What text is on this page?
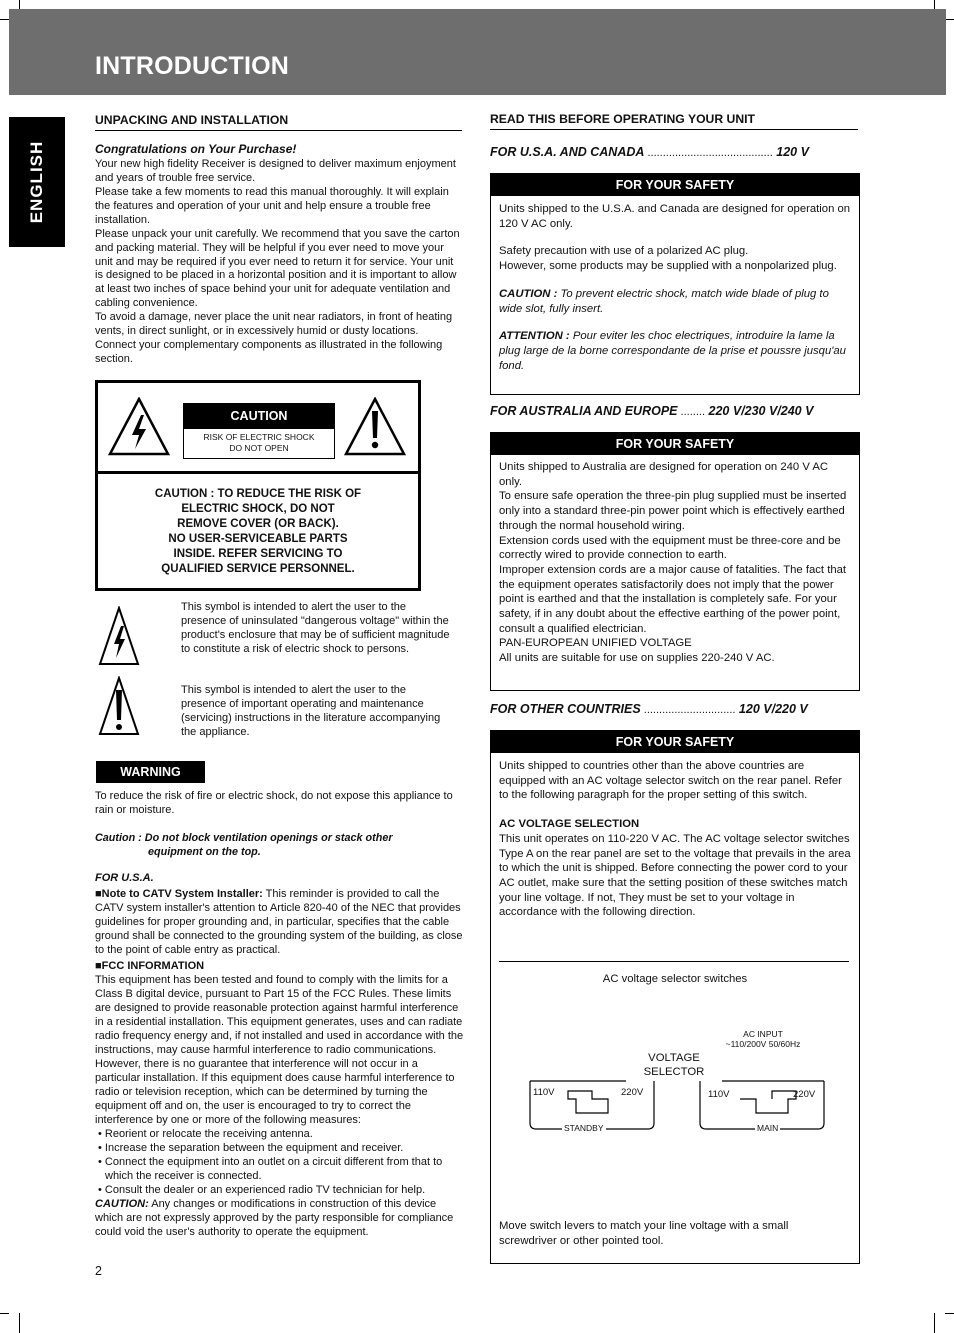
INTRODUCTION
ENGLISH
UNPACKING AND INSTALLATION

Congratulations on Your Purchase!

Your new high fidelity Receiver is designed to deliver maximum enjoyment and years of trouble free service.

Please take a few moments to read this manual thoroughly. It will explain the features and operation of your unit and help ensure a trouble free installation.

Please unpack your unit carefully. We recommend that you save the carton and packing material. They will be helpful if you ever need to move your unit and may be required if you ever need to return it for service. Your unit is designed to be placed in a horizontal position and it is important to allow at least two inches of space behind your unit for adequate ventilation and cabling convenience.

To avoid a damage, never place the unit near radiators, in front of heating vents, in direct sunlight, or in excessively humid or dusty locations. Connect your complementary components as illustrated in the following section.

CAUTION
RISK OF ELECTRIC SHOCK
DO NOT OPEN
CAUTION : TO REDUCE THE RISK OF
ELECTRIC SHOCK, DO NOT
REMOVE COVER (OR BACK).
NO USER-SERVICEABLE PARTS
INSIDE. REFER SERVICING TO
QUALIFIED SERVICE PERSONNEL.

This symbol is intended to alert the user to the presence of uninsulated "dangerous voltage" within the product's enclosure that may be of sufficient magnitude to constitute a risk of electric shock to persons.

This symbol is intended to alert the user to the presence of important operating and maintenance (servicing) instructions in the literature accompanying the appliance.

WARNING

To reduce the risk of fire or electric shock, do not expose this appliance to rain or moisture.

Caution : Do not block ventilation openings or stack other

equipment on the top.

FOR U.S.A.

■Note to CATV System Installer: This reminder is provided to call the CATV system installer's attention to Article 820-40 of the NEC that provides guidelines for proper grounding and, in particular, specifies that the cable ground shall be connected to the grounding system of the building, as close to the point of cable entry as practical.

■FCC INFORMATION

This equipment has been tested and found to comply with the limits for a Class B digital device, pursuant to Part 15 of the FCC Rules. These limits are designed to provide reasonable protection against harmful interference in a residential installation. This equipment generates, uses and can radiate radio frequency energy and, if not installed and used in accordance with the instructions, may cause harmful interference to radio communications. However, there is no guarantee that interference will not occur in a particular installation. If this equipment does cause harmful interference to radio or television reception, which can be determined by turning the equipment off and on, the user is encouraged to try to correct the interference by one or more of the following measures:

• Reorient or relocate the receiving antenna.

• Increase the separation between the equipment and receiver.

• Connect the equipment into an outlet on a circuit different from that to which the receiver is connected.

• Consult the dealer or an experienced radio TV technician for help.

CAUTION: Any changes or modifications in construction of this device which are not expressly approved by the party responsible for compliance could void the user's authority to operate the equipment.

READ THIS BEFORE OPERATING YOUR UNIT
FOR U.S.A. AND CANADA ......................................... 120 V
FOR YOUR SAFETY

Units shipped to the U.S.A. and Canada are designed for operation on 120 V AC only.

Safety precaution with use of a polarized AC plug.

However, some products may be supplied with a nonpolarized plug.

CAUTION : To prevent electric shock, match wide blade of plug to wide slot, fully insert.

ATTENTION : Pour eviter les choc electriques, introduire la lame la plug large de la borne correspondante de la prise et poussre jusqu'au fond.

FOR AUSTRALIA AND EUROPE ........ 220 V/230 V/240 V
FOR YOUR SAFETY

Units shipped to Australia are designed for operation on 240 V AC only.

To ensure safe operation the three-pin plug supplied must be inserted only into a standard three-pin power point which is effectively earthed through the normal household wiring.

Extension cords used with the equipment must be three-core and be correctly wired to provide connection to earth.

Improper extension cords are a major cause of fatalities. The fact that the equipment operates satisfactorily does not imply that the power point is earthed and that the installation is completely safe. For your safety, if in any doubt about the effective earthing of the power point, consult a qualified electrician.

PAN-EUROPEAN UNIFIED VOLTAGE

All units are suitable for use on supplies 220-240 V AC.

FOR OTHER COUNTRIES .............................. 120 V/220 V
FOR YOUR SAFETY

Units shipped to countries other than the above countries are equipped with an AC voltage selector switch on the rear panel. Refer to the following paragraph for the proper setting of this switch.

AC VOLTAGE SELECTION

This unit operates on 110-220 V AC. The AC voltage selector switches Type A on the rear panel are set to the voltage that prevails in the area to which the unit is shipped. Before connecting the power cord to your AC outlet, make sure that the setting position of these switches match your line voltage. If not, They must be set to your voltage in accordance with the following direction.

AC voltage selector switches
AC INPUT
~110/200V 50/60Hz
VOLTAGE
SELECTOR
110V	220V	110V	220V
STANDBY	MAIN

Move switch levers to match your line voltage with a small screwdriver or other pointed tool.

2
